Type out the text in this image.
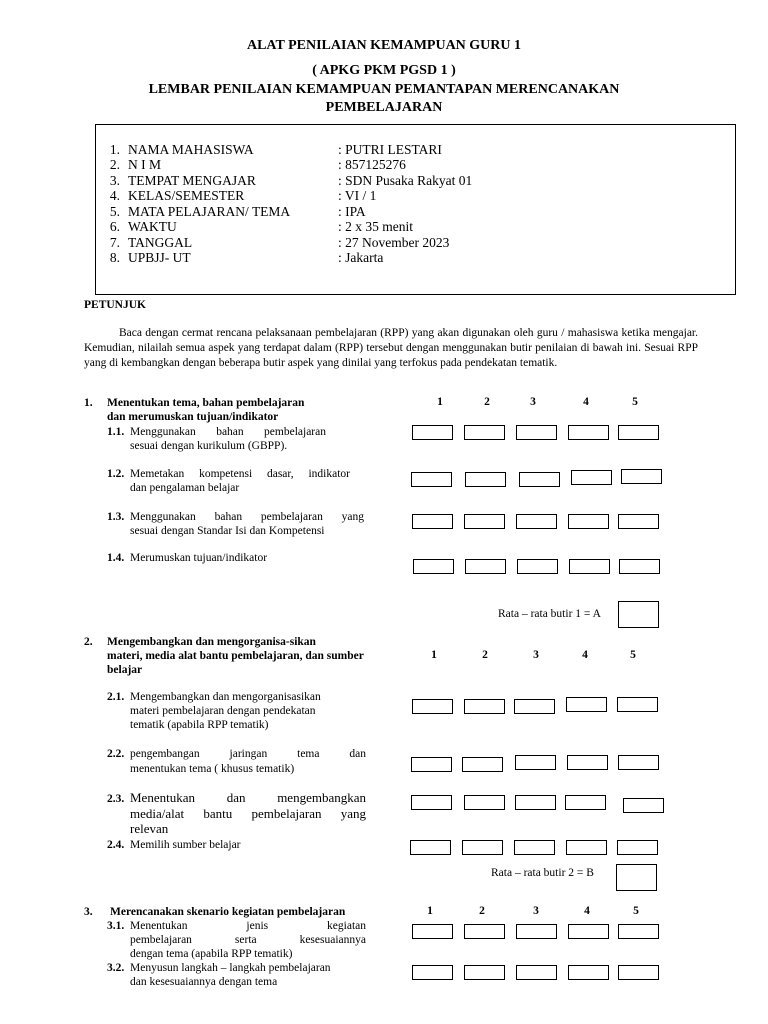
ALAT PENILAIAN KEMAMPUAN GURU 1
( APKG PKM PGSD 1 )
LEMBAR PENILAIAN KEMAMPUAN PEMANTAPAN MERENCANAKAN
PEMBELAJARAN
1. NAMA MAHASISWA	: PUTRI LESTARI
2. N I M	: 857125276
3. TEMPAT MENGAJAR	: SDN Pusaka Rakyat 01
4. KELAS/SEMESTER	: VI / 1
5. MATA PELAJARAN/ TEMA	: IPA
6. WAKTU	: 2 x 35 menit
7. TANGGAL	: 27 November 2023
8. UPBJJ- UT	: Jakarta
PETUNJUK
Baca dengan cermat rencana pelaksanaan pembelajaran (RPP) yang akan digunakan oleh guru / mahasiswa ketika mengajar. Kemudian, nilailah semua aspek yang terdapat dalam (RPP) tersebut dengan menggunakan butir penilaian di bawah ini. Sesuai RPP yang di kembangkan dengan beberapa butir aspek yang dinilai yang terfokus pada pendekatan tematik.
1. Menentukan tema, bahan pembelajaran
dan merumuskan tujuan/indikator
1	2	3	4	5
1.1. Menggunakan bahan pembelajaran
sesuai dengan kurikulum (GBPP).
1.2. Memetakan kompetensi dasar, indikator
dan pengalaman belajar
1.3. Menggunakan bahan pembelajaran yang
sesuai dengan Standar Isi dan Kompetensi
1.4. Merumuskan tujuan/indikator
Rata – rata butir 1 = A
2. Mengembangkan dan mengorganisa-sikan
materi, media alat bantu pembelajaran, dan sumber
belajar
1	2	3	4	5
2.1. Mengembangkan dan mengorganisasikan
materi pembelajaran dengan pendekatan
tematik (apabila RPP tematik)
2.2. pengembangan jaringan tema dan
menentukan tema ( khusus tematik)
2.3. Menentukan dan mengembangkan
media/alat bantu pembelajaran yang
relevan
2.4. Memilih sumber belajar
Rata – rata butir 2 = B
3. Merencanakan skenario kegiatan pembelajaran	1	2	3	4	5
3.1. Menentukan jenis kegiatan
pembelajaran serta kesesuaiannya
dengan tema (apabila RPP tematik)
3.2. Menyusun langkah – langkah pembelajaran
dan kesesuaiannya dengan tema
